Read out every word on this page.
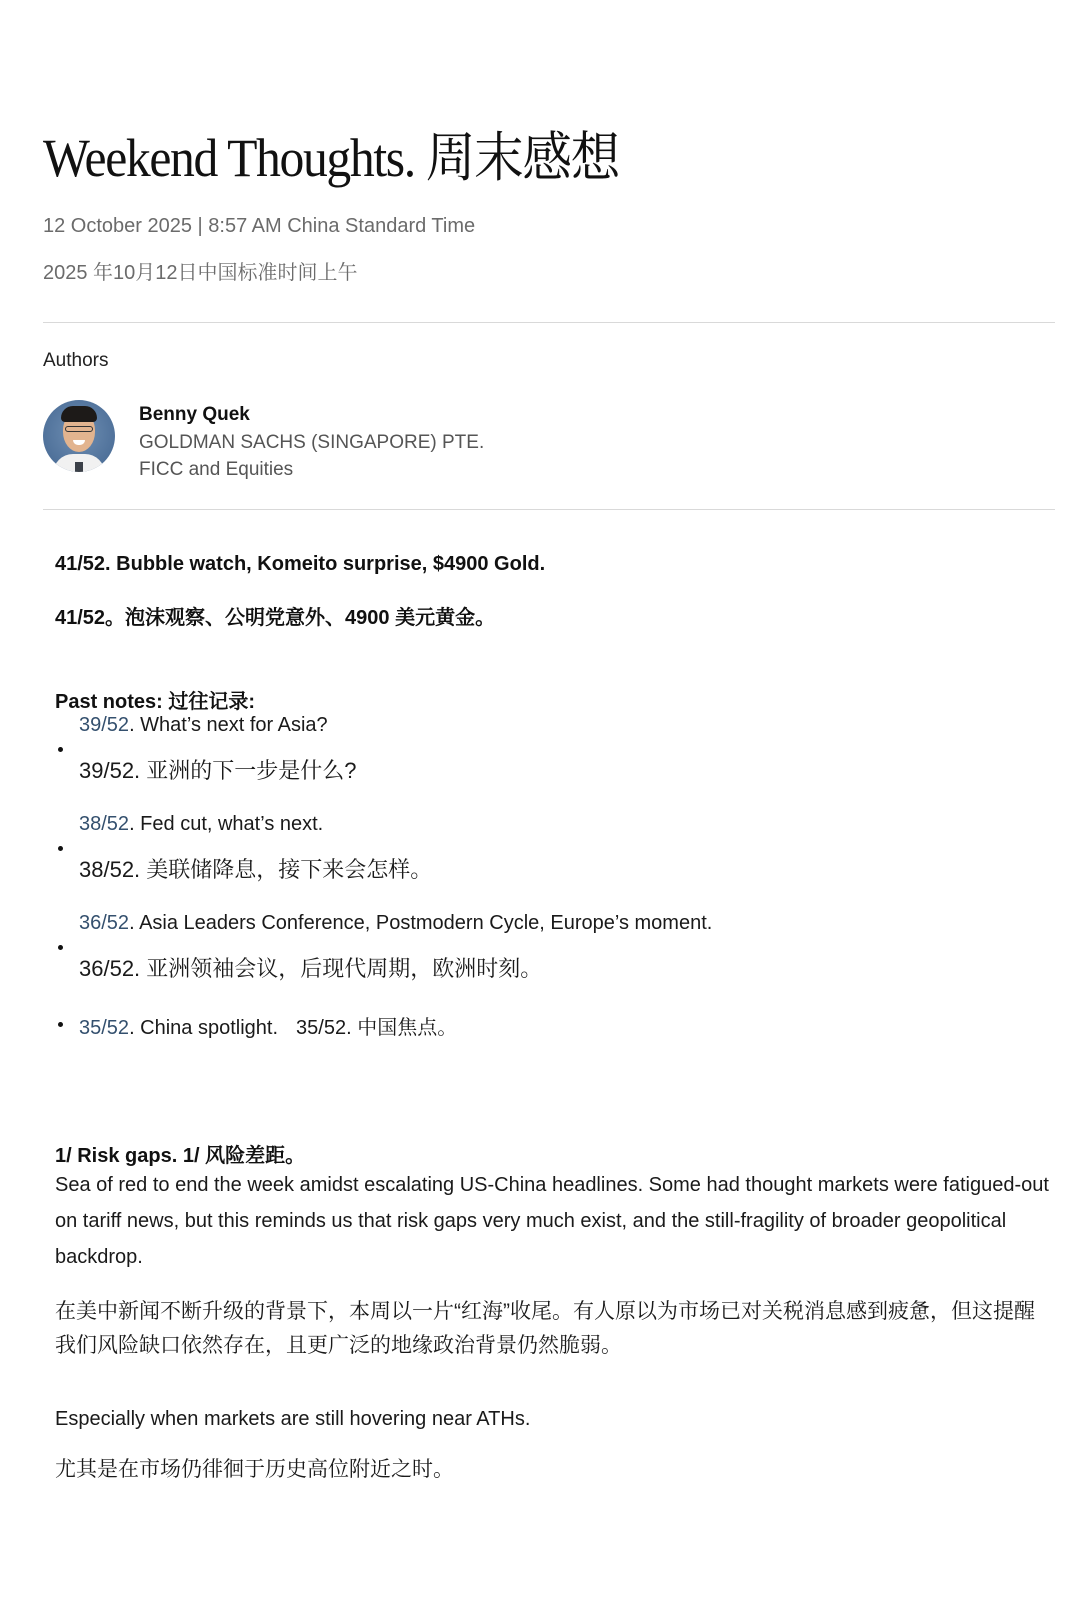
Weekend Thoughts. 周末感想
12 October 2025 | 8:57 AM China Standard Time
2025 年10月12日中国标准时间上午
Authors
Benny Quek
GOLDMAN SACHS (SINGAPORE) PTE.
FICC and Equities
41/52. Bubble watch, Komeito surprise, $4900 Gold.
41/52。泡沫观察、公明党意外、4900 美元黄金。
Past notes: 过往记录:
39/52. What’s next for Asia?
39/52. 亚洲的下一步是什么?
38/52. Fed cut, what’s next.
38/52. 美联储降息，接下来会怎样。
36/52. Asia Leaders Conference, Postmodern Cycle, Europe’s moment.
36/52. 亚洲领袖会议，后现代周期，欧洲时刻。
35/52. China spotlight. 35/52. 中国焦点。
1/ Risk gaps. 1/ 风险差距。

Sea of red to end the week amidst escalating US-China headlines. Some had thought markets were fatigued-out on tariff news, but this reminds us that risk gaps very much exist, and the still-fragility of broader geopolitical backdrop.

在美中新闻不断升级的背景下，本周以一片“红海”收尾。有人原以为市场已对关税消息感到疲惫，但这提醒我们风险缺口依然存在，且更广泛的地缘政治背景仍然脆弱。

Especially when markets are still hovering near ATHs.

尤其是在市场仍徘徊于历史高位附近之时。
